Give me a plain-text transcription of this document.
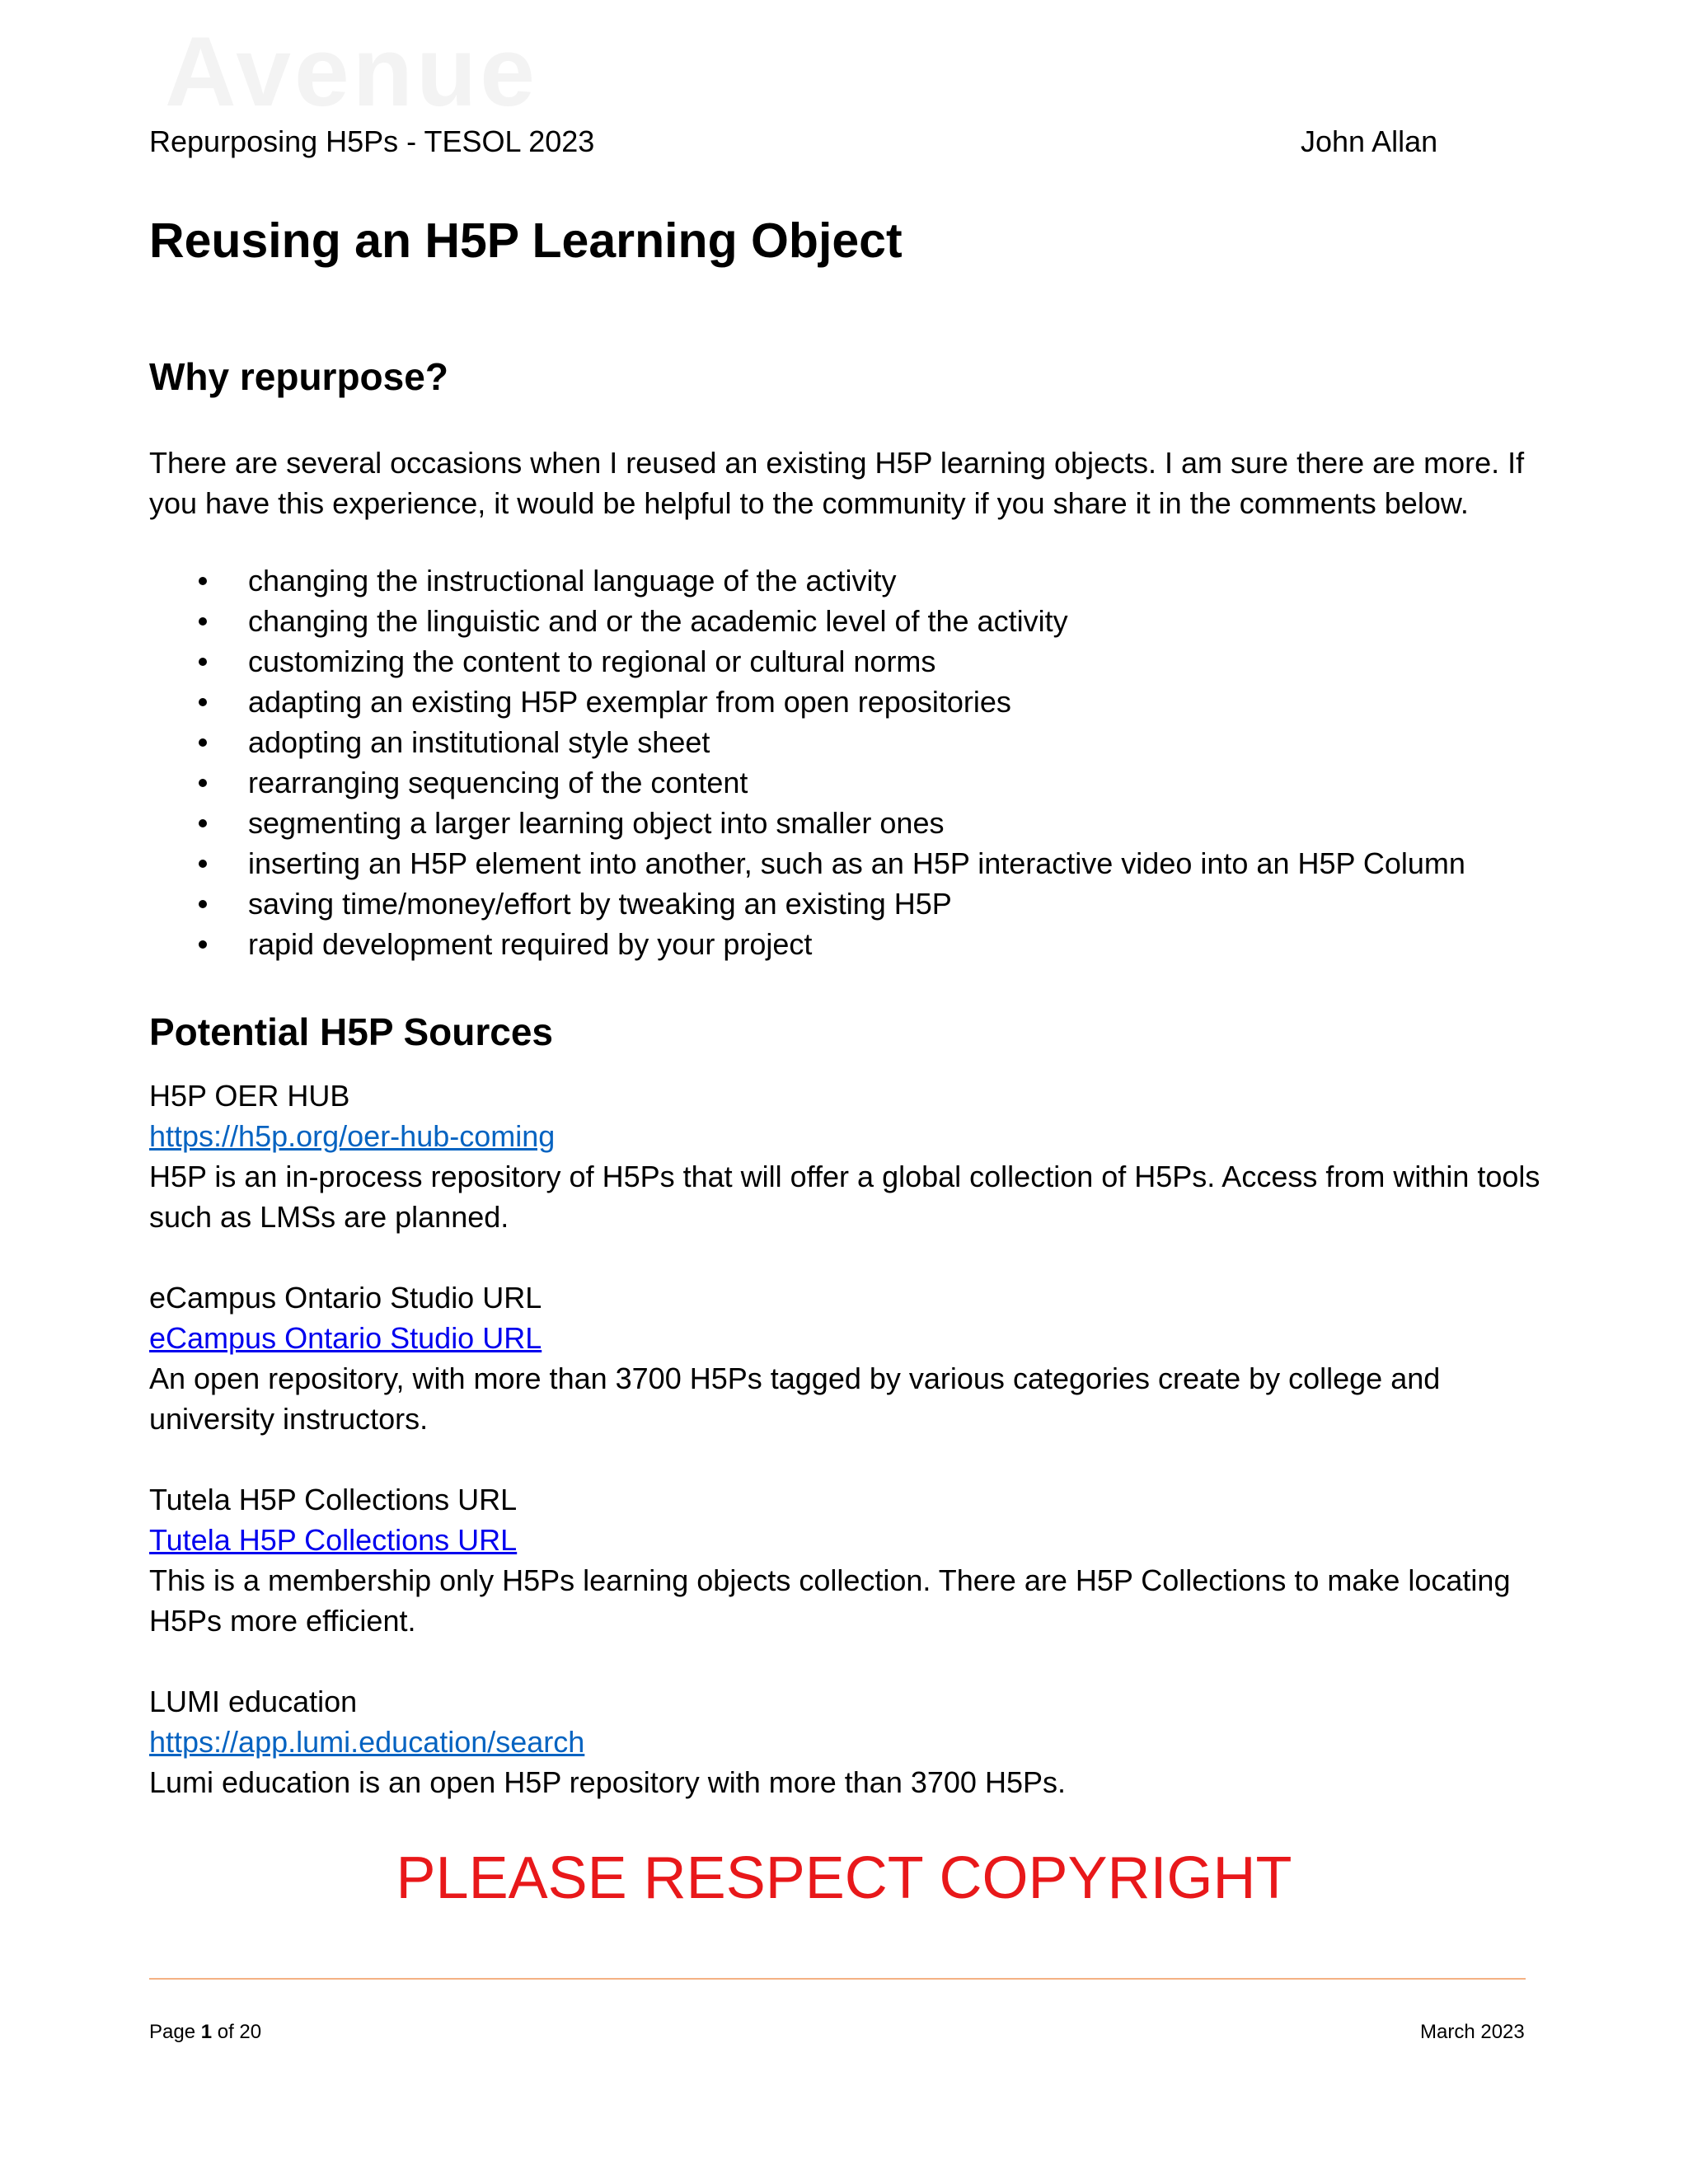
Avenue
Repurposing H5Ps - TESOL 2023	John Allan
Reusing an H5P Learning Object
Why repurpose?

There are several occasions when I reused an existing H5P learning objects. I am sure there are more. If you have this experience, it would be helpful to the community if you share it in the comments below.

changing the instructional language of the activity
changing the linguistic and or the academic level of the activity
customizing the content to regional or cultural norms
adapting an existing H5P exemplar from open repositories
adopting an institutional style sheet
rearranging sequencing of the content
segmenting a larger learning object into smaller ones
inserting an H5P element into another, such as an H5P interactive video into an H5P Column
saving time/money/effort by tweaking an existing H5P
rapid development required by your project
Potential H5P Sources
H5P OER HUB
https://h5p.org/oer-hub-coming
H5P is an in-process repository of H5Ps that will offer a global collection of H5Ps. Access from within tools such as LMSs are planned.
eCampus Ontario Studio URL
eCampus Ontario Studio URL
An open repository, with more than 3700 H5Ps tagged by various categories create by college and university instructors.
Tutela H5P Collections URL
Tutela H5P Collections URL
This is a membership only H5Ps learning objects collection. There are H5P Collections to make locating H5Ps more efficient.
LUMI education
https://app.lumi.education/search
Lumi education is an open H5P repository with more than 3700 H5Ps.
PLEASE RESPECT COPYRIGHT
Page 1 of 20	March 2023
